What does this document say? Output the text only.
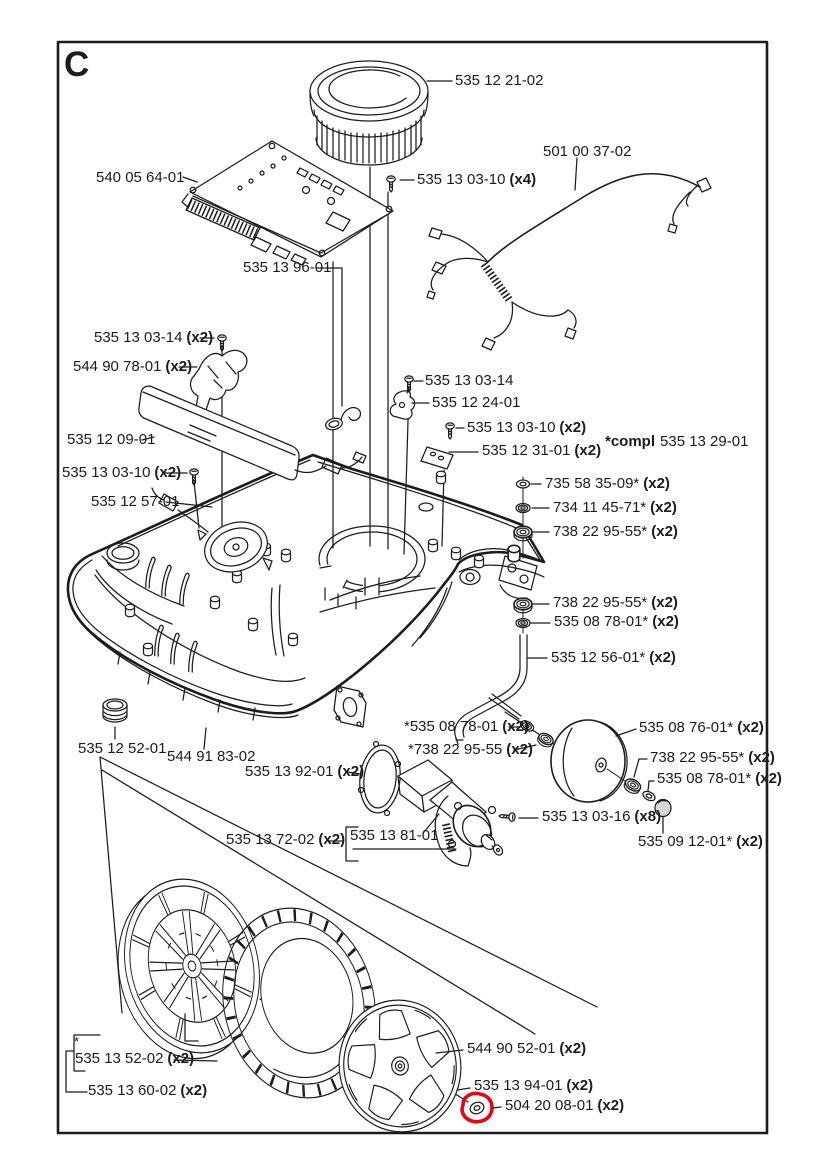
C
*
535 12 21-02
540 05 64-01	535 13 03-10 (x4)
501 00 37-02
535 13 96-01
535 13 03-14 (x2)
544 90 78-01 (x2)
535 12 09-01
535 13 03-10 (x2)
535 12 57-01
535 13 03-14
535 12 24-01
535 13 03-10 (x2)
535 12 31-01 (x2)
*compl 535 13 29-01
735 58 35-09* (x2)
734 11 45-71* (x2)
738 22 95-55* (x2)
738 22 95-55* (x2)
535 08 78-01* (x2)
535 12 56-01* (x2)
*535 08 78-01 (x2)
*738 22 95-55 (x2)
535 08 76-01* (x2)
738 22 95-55* (x2)
535 08 78-01* (x2)
535 13 03-16 (x8)
535 09 12-01* (x2)
535 12 52-01 544 91 83-02
535 13 92-01 (x2)
535 13 72-02 (x2) 535 13 81-01
544 90 52-01 (x2)
535 13 94-01 (x2)
504 20 08-01 (x2)
535 13 52-02 (x2)
535 13 60-02 (x2)
